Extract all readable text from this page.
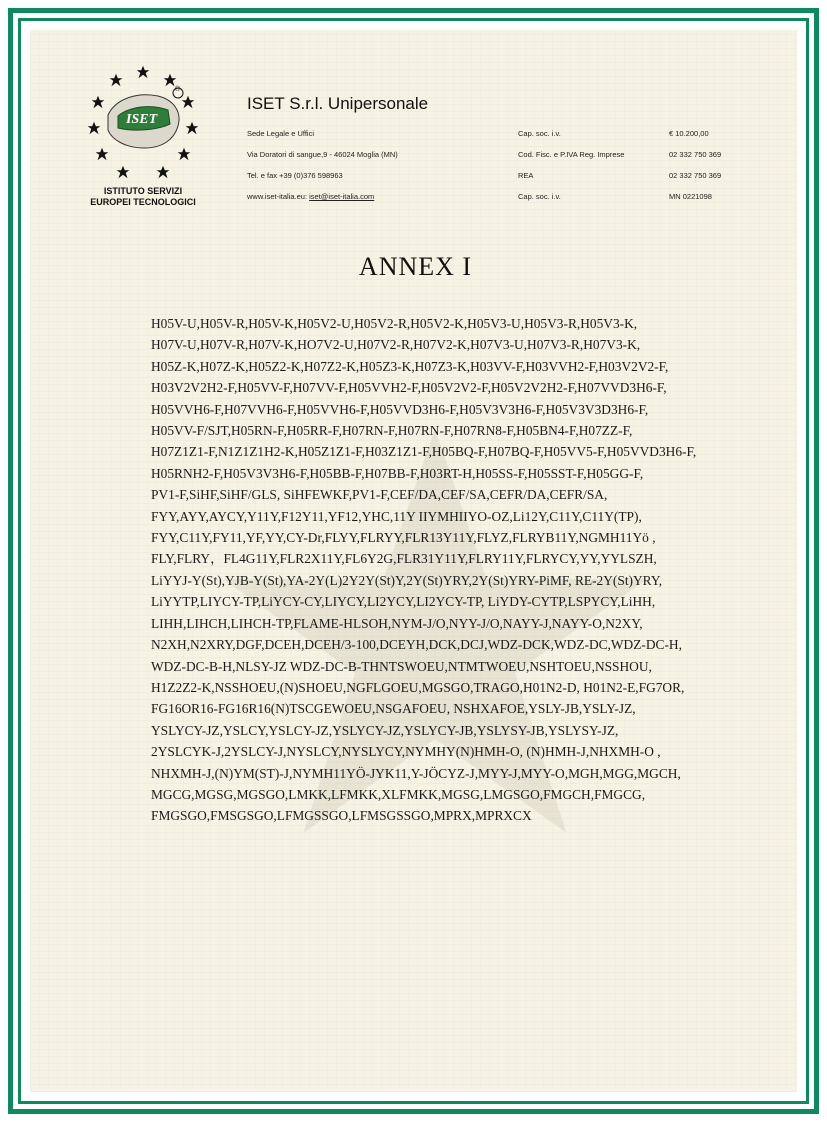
ISET
®
ISTITUTO SERVIZI
EUROPEI TECNOLOGICI
ISET S.r.l. Unipersonale
Sede Legale e Uffici	Cap. soc. i.v.	€ 10.200,00
Via Doratori di sangue,9 - 46024 Moglia (MN)	Cod. Fisc. e P.IVA Reg. Imprese	02 332 750 369
Tel. e fax +39 (0)376 598963	REA	02 332 750 369
www.iset-italia.eu: iset@iset-italia.com	Cap. soc. i.v.	MN 0221098
ANNEX I
H05V-U,H05V-R,H05V-K,H05V2-U,H05V2-R,H05V2-K,H05V3-U,H05V3-R,H05V3-K,
H07V-U,H07V-R,H07V-K,HO7V2-U,H07V2-R,H07V2-K,H07V3-U,H07V3-R,H07V3-K,
H05Z-K,H07Z-K,H05Z2-K,H07Z2-K,H05Z3-K,H07Z3-K,H03VV-F,H03VVH2-F,H03V2V2-F,
H03V2V2H2-F,H05VV-F,H07VV-F,H05VVH2-F,H05V2V2-F,H05V2V2H2-F,H07VVD3H6-F,
H05VVH6-F,H07VVH6-F,H05VVH6-F,H05VVD3H6-F,H05V3V3H6-F,H05V3V3D3H6-F,
H05VV-F/SJT,H05RN-F,H05RR-F,H07RN-F,H07RN-F,H07RN8-F,H05BN4-F,H07ZZ-F,
H07Z1Z1-F,N1Z1Z1H2-K,H05Z1Z1-F,H03Z1Z1-F,H05BQ-F,H07BQ-F,H05VV5-F,H05VVD3H6-F,
H05RNH2-F,H05V3V3H6-F,H05BB-F,H07BB-F,H03RT-H,H05SS-F,H05SST-F,H05GG-F,
PV1-F,SiHF,SiHF/GLS, SiHFEWKF,PV1-F,CEF/DA,CEF/SA,CEFR/DA,CEFR/SA,
FYY,AYY,AYCY,Y11Y,F12Y11,YF12,YHC,11Y IIYMHIIYO-OZ,Li12Y,C11Y,C11Y(TP),
FYY,C11Y,FY11,YF,YY,CY-Dr,FLYY,FLRYY,FLR13Y11Y,FLYZ,FLRYB11Y,NGMH11Yö ,
FLY,FLRY，FL4G11Y,FLR2X11Y,FL6Y2G,FLR31Y11Y,FLRY11Y,FLRYCY,YY,YYLSZH,
LiYYJ-Y(St),YJB-Y(St),YA-2Y(L)2Y2Y(St)Y,2Y(St)YRY,2Y(St)YRY-PiMF, RE-2Y(St)YRY,
LiYYTP,LIYCY-TP,LiYCY-CY,LIYCY,LI2YCY,LI2YCY-TP, LiYDY-CYTP,LSPYCY,LiHH,
LIHH,LIHCH,LIHCH-TP,FLAME-HLSOH,NYM-J/O,NYY-J/O,NAYY-J,NAYY-O,N2XY,
N2XH,N2XRY,DGF,DCEH,DCEH/3-100,DCEYH,DCK,DCJ,WDZ-DCK,WDZ-DC,WDZ-DC-H,
WDZ-DC-B-H,NLSY-JZ WDZ-DC-B-THNTSWOEU,NTMTWOEU,NSHTOEU,NSSHOU,
H1Z2Z2-K,NSSHOEU,(N)SHOEU,NGFLGOEU,MGSGO,TRAGO,H01N2-D, H01N2-E,FG7OR,
FG16OR16-FG16R16(N)TSCGEWOEU,NSGAFOEU, NSHXAFOE,YSLY-JB,YSLY-JZ,
YSLYCY-JZ,YSLCY,YSLCY-JZ,YSLYCY-JZ,YSLYCY-JB,YSLYSY-JB,YSLYSY-JZ,
2YSLCYK-J,2YSLCY-J,NYSLCY,NYSLYCY,NYMHY(N)HMH-O, (N)HMH-J,NHXMH-O ,
NHXMH-J,(N)YM(ST)-J,NYMH11YÖ-JYK11,Y-JÖCYZ-J,MYY-J,MYY-O,MGH,MGG,MGCH,
MGCG,MGSG,MGSGO,LMKK,LFMKK,XLFMKK,MGSG,LMGSGO,FMGCH,FMGCG,
FMGSGO,FMSGSGO,LFMGSSGO,LFMSGSSGO,MPRX,MPRXCX
